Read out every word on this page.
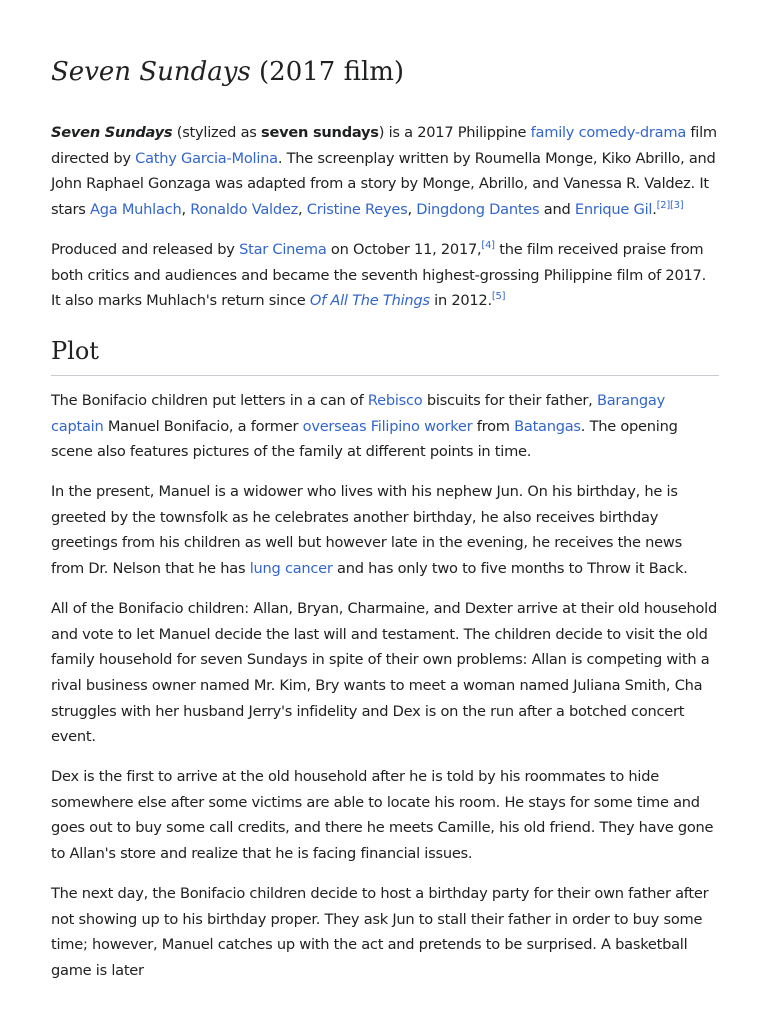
Seven Sundays (2017 film)

Seven Sundays (stylized as seven sundays) is a 2017 Philippine family comedy-drama film directed by Cathy Garcia-Molina. The screenplay written by Roumella Monge, Kiko Abrillo, and John Raphael Gonzaga was adapted from a story by Monge, Abrillo, and Vanessa R. Valdez. It stars Aga Muhlach, Ronaldo Valdez, Cristine Reyes, Dingdong Dantes and Enrique Gil.[2][3]

Produced and released by Star Cinema on October 11, 2017,[4] the film received praise from both critics and audiences and became the seventh highest-grossing Philippine film of 2017. It also marks Muhlach's return since Of All The Things in 2012.[5]

Plot

The Bonifacio children put letters in a can of Rebisco biscuits for their father, Barangay captain Manuel Bonifacio, a former overseas Filipino worker from Batangas. The opening scene also features pictures of the family at different points in time.

In the present, Manuel is a widower who lives with his nephew Jun. On his birthday, he is greeted by the townsfolk as he celebrates another birthday, he also receives birthday greetings from his children as well but however late in the evening, he receives the news from Dr. Nelson that he has lung cancer and has only two to five months to Throw it Back.

All of the Bonifacio children: Allan, Bryan, Charmaine, and Dexter arrive at their old household and vote to let Manuel decide the last will and testament. The children decide to visit the old family household for seven Sundays in spite of their own problems: Allan is competing with a rival business owner named Mr. Kim, Bry wants to meet a woman named Juliana Smith, Cha struggles with her husband Jerry's infidelity and Dex is on the run after a botched concert event.

Dex is the first to arrive at the old household after he is told by his roommates to hide somewhere else after some victims are able to locate his room. He stays for some time and goes out to buy some call credits, and there he meets Camille, his old friend. They have gone to Allan's store and realize that he is facing financial issues.

The next day, the Bonifacio children decide to host a birthday party for their own father after not showing up to his birthday proper. They ask Jun to stall their father in order to buy some time; however, Manuel catches up with the act and pretends to be surprised. A basketball game is later
